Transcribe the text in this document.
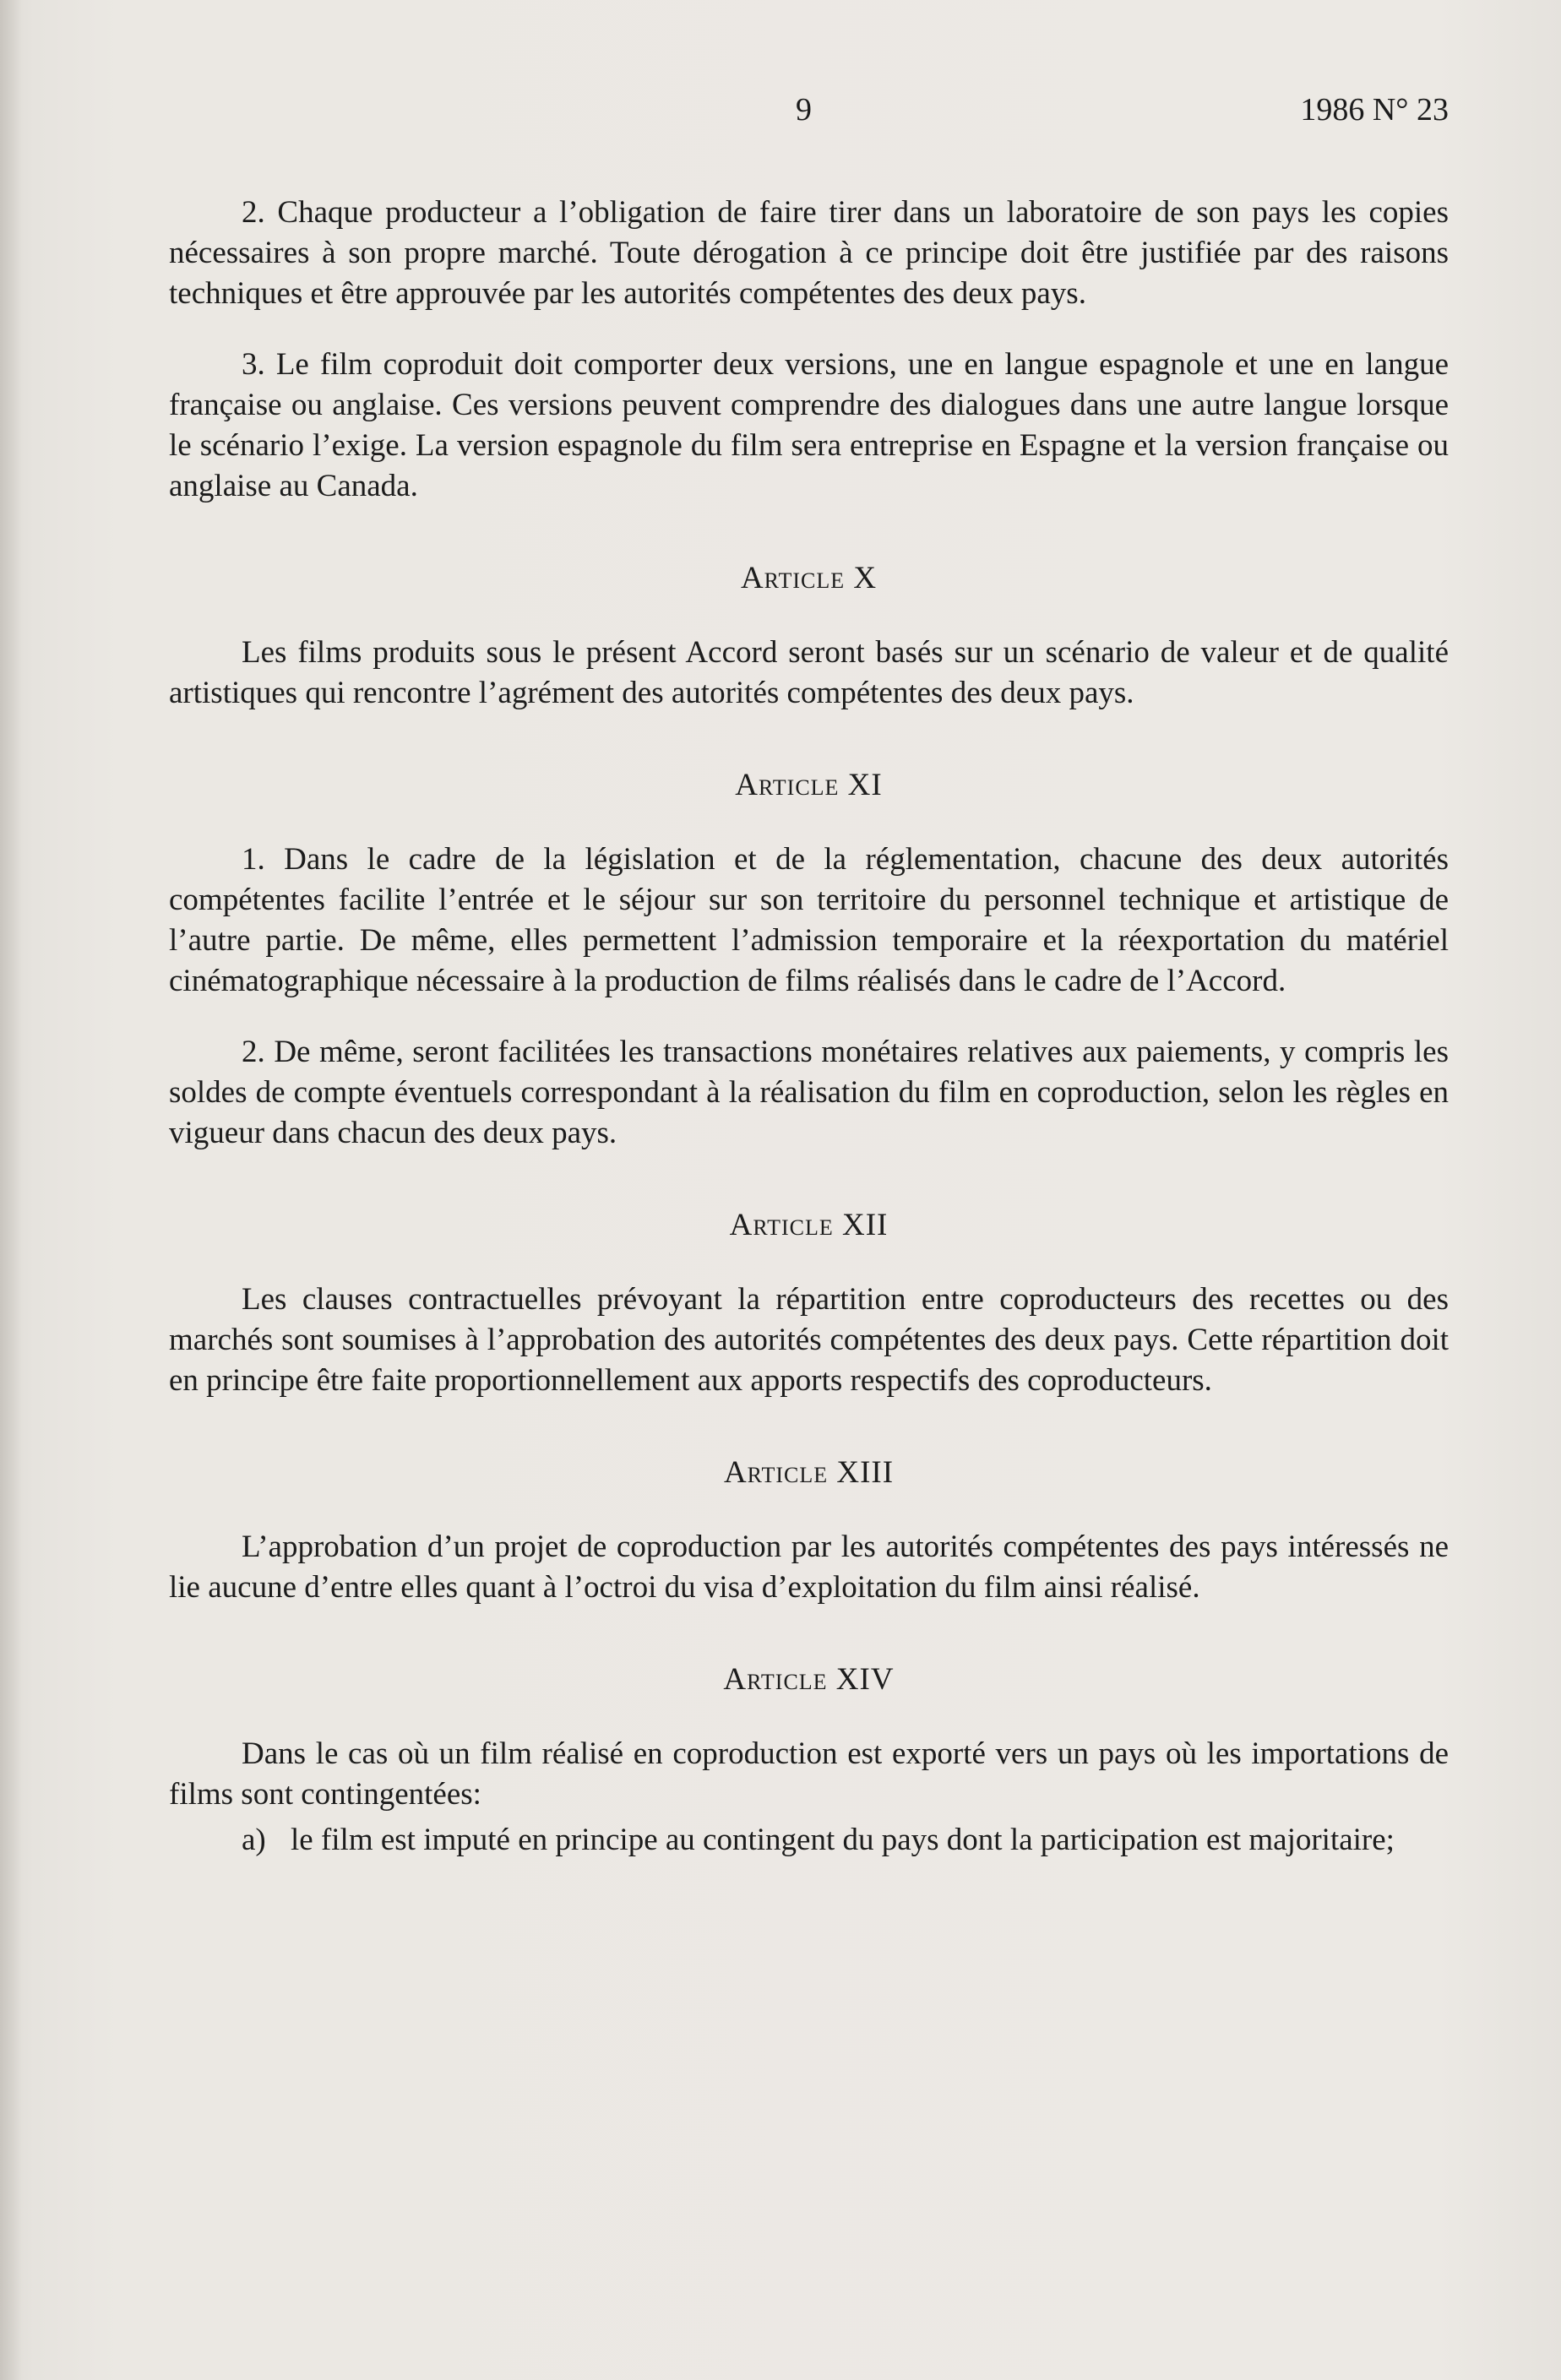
9	1986 N° 23

2. Chaque producteur a l’obligation de faire tirer dans un laboratoire de son pays les copies nécessaires à son propre marché. Toute dérogation à ce principe doit être justifiée par des raisons techniques et être approuvée par les autorités compétentes des deux pays.

3. Le film coproduit doit comporter deux versions, une en langue espagnole et une en langue française ou anglaise. Ces versions peuvent comprendre des dialogues dans une autre langue lorsque le scénario l’exige. La version espagnole du film sera entreprise en Espagne et la version française ou anglaise au Canada.

Article X

Les films produits sous le présent Accord seront basés sur un scénario de valeur et de qualité artistiques qui rencontre l’agrément des autorités compétentes des deux pays.

Article XI

1. Dans le cadre de la législation et de la réglementation, chacune des deux autorités compétentes facilite l’entrée et le séjour sur son territoire du personnel technique et artistique de l’autre partie. De même, elles permettent l’admission temporaire et la réexportation du matériel cinématographique nécessaire à la production de films réalisés dans le cadre de l’Accord.

2. De même, seront facilitées les transactions monétaires relatives aux paiements, y compris les soldes de compte éventuels correspondant à la réalisation du film en coproduction, selon les règles en vigueur dans chacun des deux pays.

Article XII

Les clauses contractuelles prévoyant la répartition entre coproducteurs des recettes ou des marchés sont soumises à l’approbation des autorités compétentes des deux pays. Cette répartition doit en principe être faite proportionnellement aux apports respectifs des coproducteurs.

Article XIII

L’approbation d’un projet de coproduction par les autorités compétentes des pays intéressés ne lie aucune d’entre elles quant à l’octroi du visa d’exploitation du film ainsi réalisé.

Article XIV

Dans le cas où un film réalisé en coproduction est exporté vers un pays où les importations de films sont contingentées:

a) le film est imputé en principe au contingent du pays dont la participation est majoritaire;
